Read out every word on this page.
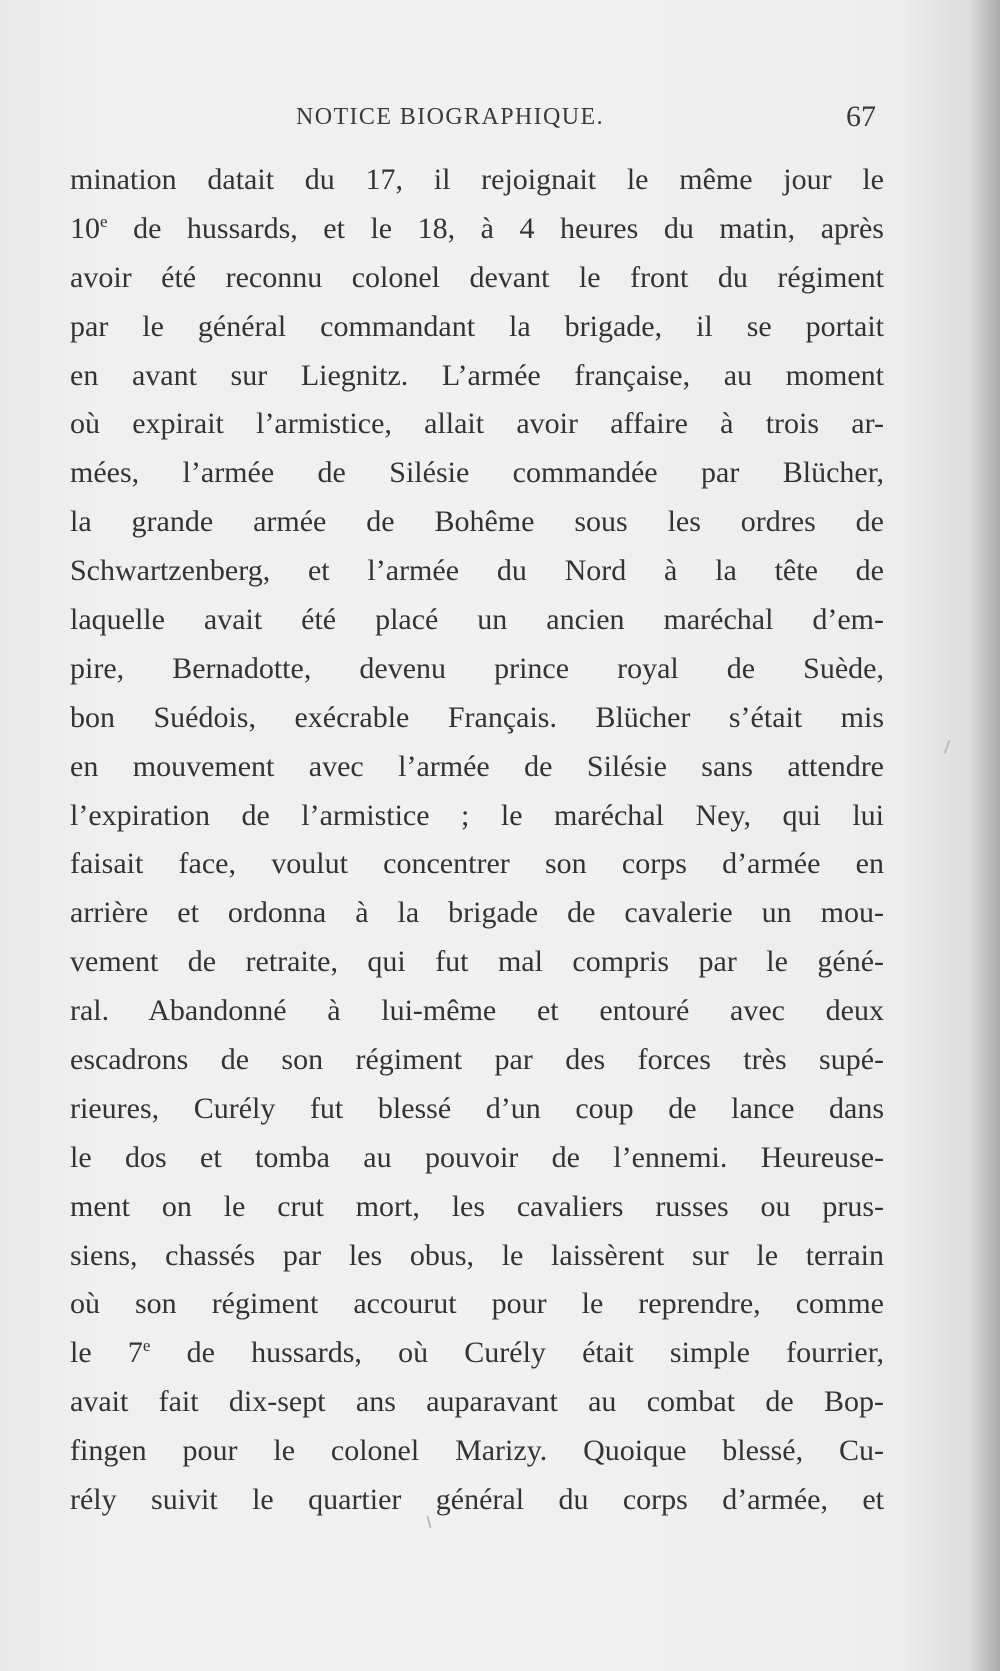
NOTICE BIOGRAPHIQUE.	67
mination datait du 17, il rejoignait le même jour le
10e de hussards, et le 18, à 4 heures du matin, après
avoir été reconnu colonel devant le front du régiment
par le général commandant la brigade, il se portait
en avant sur Liegnitz. L’armée française, au moment
où expirait l’armistice, allait avoir affaire à trois ar-
mées, l’armée de Silésie commandée par Blücher,
la grande armée de Bohême sous les ordres de
Schwartzenberg, et l’armée du Nord à la tête de
laquelle avait été placé un ancien maréchal d’em-
pire, Bernadotte, devenu prince royal de Suède,
bon Suédois, exécrable Français. Blücher s’était mis
en mouvement avec l’armée de Silésie sans attendre
l’expiration de l’armistice ; le maréchal Ney, qui lui
faisait face, voulut concentrer son corps d’armée en
arrière et ordonna à la brigade de cavalerie un mou-
vement de retraite, qui fut mal compris par le géné-
ral. Abandonné à lui-même et entouré avec deux
escadrons de son régiment par des forces très supé-
rieures, Curély fut blessé d’un coup de lance dans
le dos et tomba au pouvoir de l’ennemi. Heureuse-
ment on le crut mort, les cavaliers russes ou prus-
siens, chassés par les obus, le laissèrent sur le terrain
où son régiment accourut pour le reprendre, comme
le 7e de hussards, où Curély était simple fourrier,
avait fait dix-sept ans auparavant au combat de Bop-
fingen pour le colonel Marizy. Quoique blessé, Cu-
rély suivit le quartier général du corps d’armée, et
